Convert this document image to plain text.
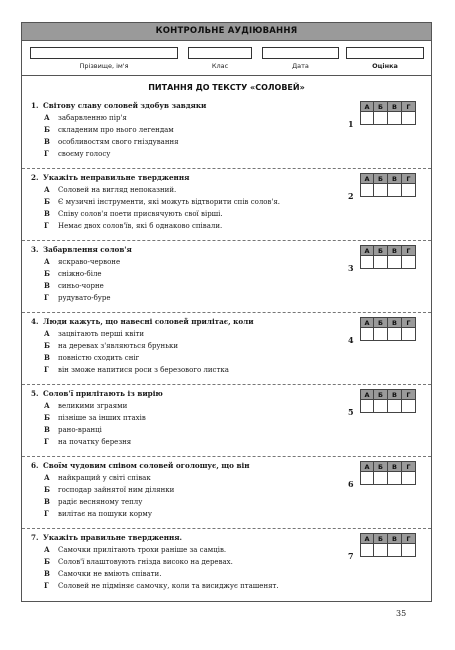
КОНТРОЛЬНЕ АУДІЮВАННЯ
Прізвище, ім'я	Клас	Дата	Оцінка
ПИТАННЯ ДО ТЕКСТУ «СОЛОВЕЙ»
1. Світову славу соловей здобув завдяки
А забарвленню пір'я
Б складеним про нього легендам
В особливостям свого гніздування
Г своєму голосу
1
А	Б	В	Г
2. Укажіть неправильне твердження
А Соловей на вигляд непоказний.
Б Є музичні інструменти, які можуть відтворити спів солов'я.
В Співу солов'я поети присвячують свої вірші.
Г Немає двох солов'їв, які б однаково співали.
2
А	Б	В	Г
3. Забарвлення солов'я
А яскраво-червоне
Б сніжно-біле
В синьо-чорне
Г рудувато-буре
3
А	Б	В	Г
4. Люди кажуть, що навесні соловей прилітає, коли
А зацвітають перші квіти
Б на деревах з'являються бруньки
В повністю сходить сніг
Г він зможе напитися роси з березового листка
4
А	Б	В	Г
5. Солов'ї прилітають із вирію
А великими зграями
Б пізніше за інших птахів
В рано-вранці
Г на початку березня
5
А	Б	В	Г
6. Своїм чудовим співом соловей оголошує, що він
А найкращий у світі співак
Б господар зайнятої ним ділянки
В радіє весняному теплу
Г вилітає на пошуки корму
6
А	Б	В	Г
7. Укажіть правильне твердження.
А Самочки прилітають трохи раніше за самців.
Б Солов'ї влаштовують гнізда високо на деревах.
В Самочки не вміють співати.
Г Соловей не підміняє самочку, коли та висиджує пташенят.
7
А	Б	В	Г
35
